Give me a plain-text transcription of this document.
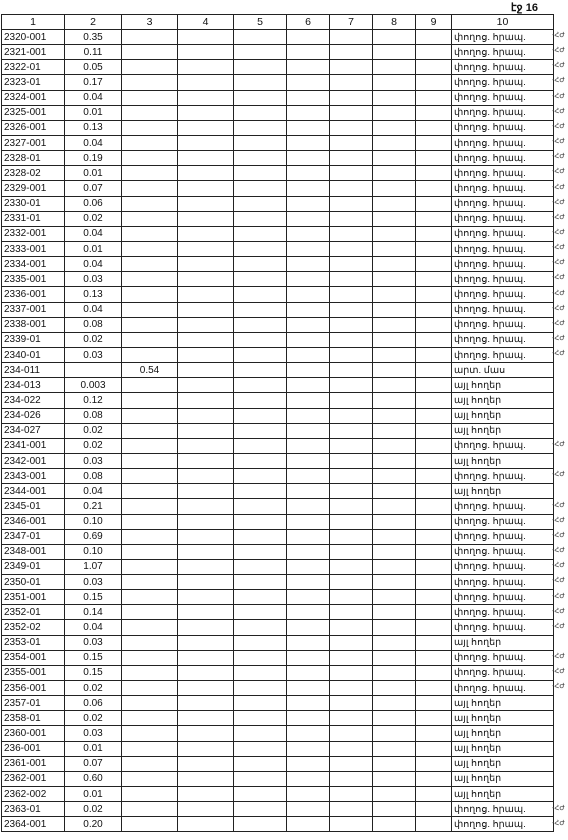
էջ 16
1	2	3	4	5	6	7	8	9	10
2320-001	0.35								փողոց. հրապ.
2321-001	0.11								փողոց. հրապ.
2322-01	0.05								փողոց. հրապ.
2323-01	0.17								փողոց. հրապ.
2324-001	0.04								փողոց. հրապ.
2325-001	0.01								փողոց. հրապ.
2326-001	0.13								փողոց. հրապ.
2327-001	0.04								փողոց. հրապ.
2328-01	0.19								փողոց. հրապ.
2328-02	0.01								փողոց. հրապ.
2329-001	0.07								փողոց. հրապ.
2330-01	0.06								փողոց. հրապ.
2331-01	0.02								փողոց. հրապ.
2332-001	0.04								փողոց. հրապ.
2333-001	0.01								փողոց. հրապ.
2334-001	0.04								փողոց. հրապ.
2335-001	0.03								փողոց. հրապ.
2336-001	0.13								փողոց. հրապ.
2337-001	0.04								փողոց. հրապ.
2338-001	0.08								փողոց. հրապ.
2339-01	0.02								փողոց. հրապ.
2340-01	0.03								փողոց. հրապ.
234-011		0.54							արտ. մաս
234-013	0.003								այլ հողեր
234-022	0.12								այլ հողեր
234-026	0.08								այլ հողեր
234-027	0.02								այլ հողեր
2341-001	0.02								փողոց. հրապ.
2342-001	0.03								այլ հողեր
2343-001	0.08								փողոց. հրապ.
2344-001	0.04								այլ հողեր
2345-01	0.21								փողոց. հրապ.
2346-001	0.10								փողոց. հրապ.
2347-01	0.69								փողոց. հրապ.
2348-001	0.10								փողոց. հրապ.
2349-01	1.07								փողոց. հրապ.
2350-01	0.03								փողոց. հրապ.
2351-001	0.15								փողոց. հրապ.
2352-01	0.14								փողոց. հրապ.
2352-02	0.04								փողոց. հրապ.
2353-01	0.03								այլ հողեր
2354-001	0.15								փողոց. հրապ.
2355-001	0.15								փողոց. հրապ.
2356-001	0.02								փողոց. հրապ.
2357-01	0.06								այլ հողեր
2358-01	0.02								այլ հողեր
2360-001	0.03								այլ հողեր
236-001	0.01								այլ հողեր
2361-001	0.07								այլ հողեր
2362-001	0.60								այլ հողեր
2362-002	0.01								այլ հողեր
2363-01	0.02								փողոց. հրապ.
2364-001	0.20								փողոց. հրապ.
-ՀԺ
-ՀԺ
-ՀԺ
-ՀԺ
-ՀԺ
-ՀԺ
-ՀԺ
-ՀԺ
-ՀԺ
-ՀԺ
-ՀԺ
-ՀԺ
-ՀԺ
-ՀԺ
-ՀԺ
-ՀԺ
-ՀԺ
-ՀԺ
-ՀԺ
-ՀԺ
-ՀԺ
-ՀԺ
-ՀԺ
-ՀԺ
-ՀԺ
-ՀԺ
-ՀԺ
-ՀԺ
-ՀԺ
-ՀԺ
-ՀԺ
-ՀԺ
-ՀԺ
-ՀԺ
-ՀԺ
-ՀԺ
-ՀԺ
-ՀԺ
